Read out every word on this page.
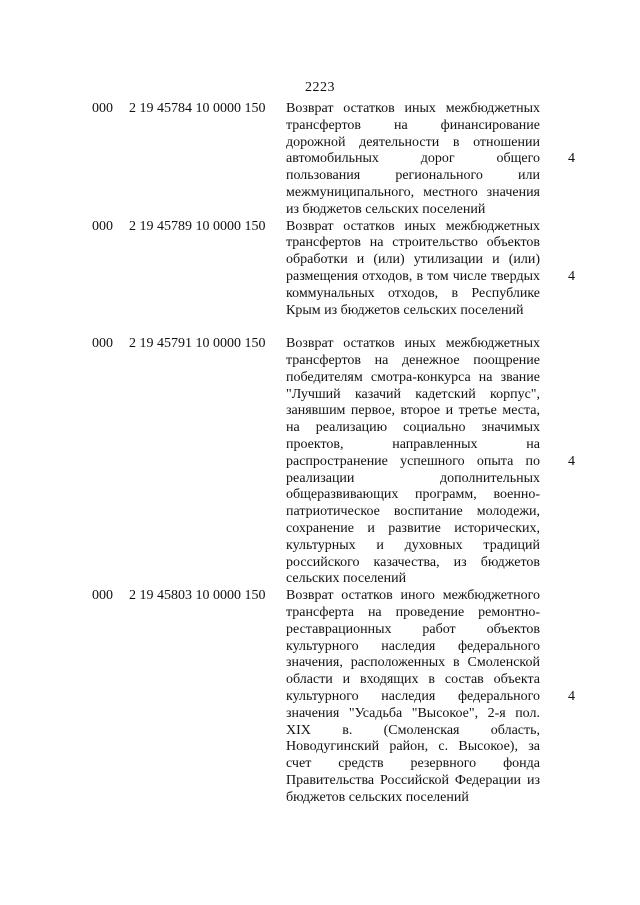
2223
000 2 19 45784 10 0000 150 Возврат остатков иных межбюджетных трансфертов на финансирование дорожной деятельности в отношении автомобильных дорог общего пользования регионального или межмуниципального, местного значения из бюджетов сельских поселений
4
000 2 19 45789 10 0000 150 Возврат остатков иных межбюджетных трансфертов на строительство объектов обработки и (или) утилизации и (или) размещения отходов, в том числе твердых коммунальных отходов, в Республике Крым из бюджетов сельских поселений
4
000 2 19 45791 10 0000 150 Возврат остатков иных межбюджетных трансфертов на денежное поощрение победителям смотра-конкурса на звание "Лучший казачий кадетский корпус", занявшим первое, второе и третье места, на реализацию социально значимых проектов, направленных на распространение успешного опыта по реализации дополнительных общеразвивающих программ, военно-патриотическое воспитание молодежи, сохранение и развитие исторических, культурных и духовных традиций российского казачества, из бюджетов сельских поселений
4
000 2 19 45803 10 0000 150 Возврат остатков иного межбюджетного трансферта на проведение ремонтно-реставрационных работ объектов культурного наследия федерального значения, расположенных в Смоленской области и входящих в состав объекта культурного наследия федерального значения "Усадьба "Высокое", 2-я пол. XIX в. (Смоленская область, Новодугинский район, с. Высокое), за счет средств резервного фонда Правительства Российской Федерации из бюджетов сельских поселений
4
